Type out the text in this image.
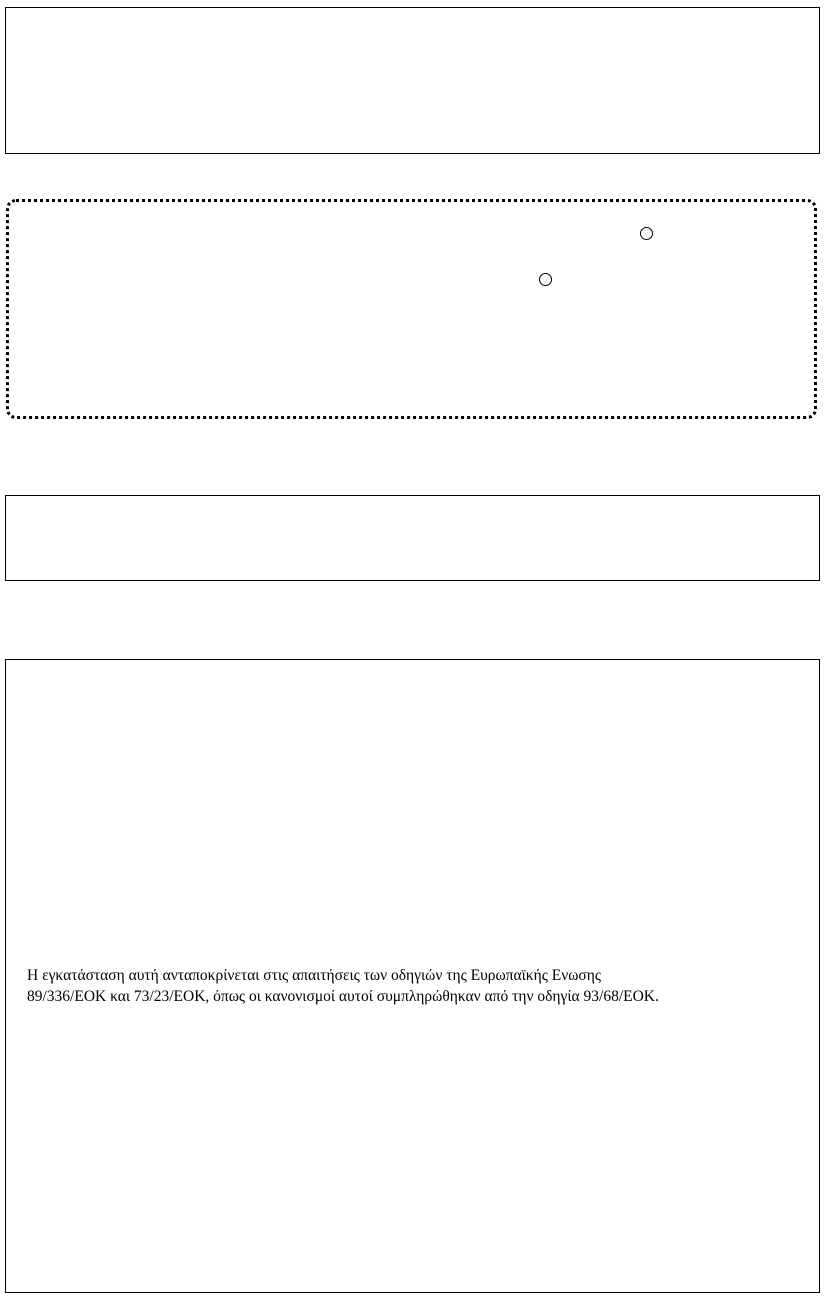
Η εγκατάσταση αυτή ανταποκρίνεται στις απαιτήσεις των οδηγιών της Ευρωπαϊκής Ενωσης
89/336/ΕΟΚ και 73/23/ΕΟΚ, όπως οι κανονισμοί αυτοί συμπληρώθηκαν από την οδηγία 93/68/ΕΟΚ.
